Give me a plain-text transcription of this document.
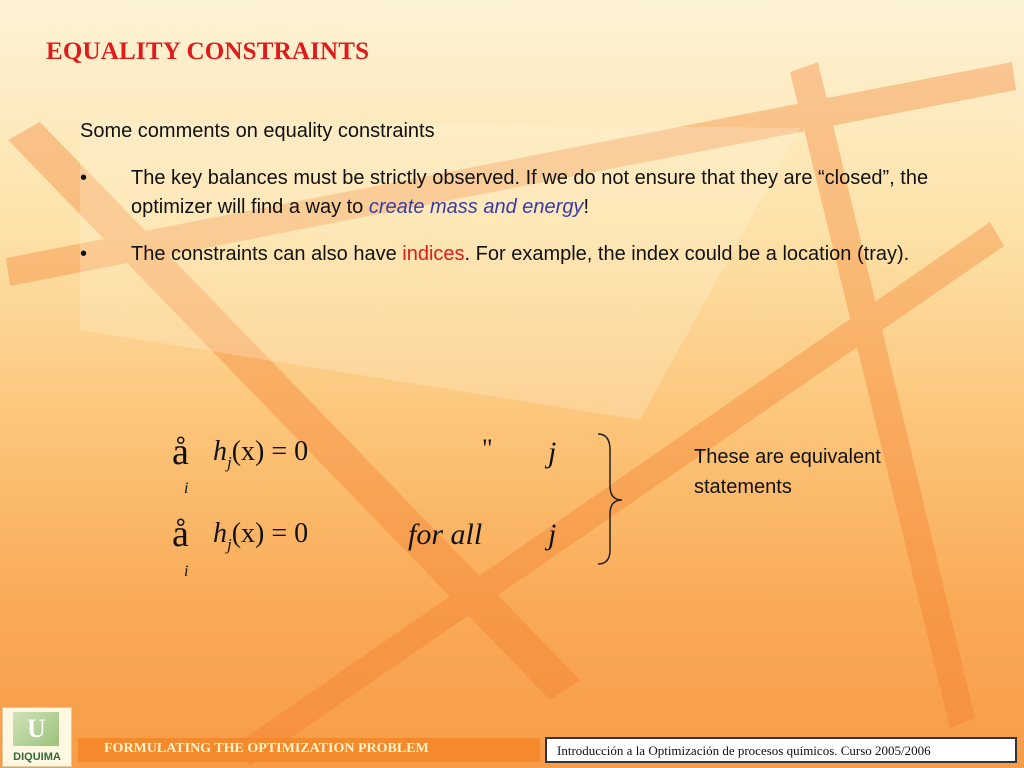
EQUALITY CONSTRAINTS
Some comments on equality constraints
• The key balances must be strictly observed. If we do not ensure that they are “closed”, the optimizer will find a way to create mass and energy!
• The constraints can also have indices. For example, the index could be a location (tray).
å
i
$h_j(x) = 0$	" j
å
i
$h_j(x) = 0$	for all j
These are equivalent statements
U
DIQUIMA
FORMULATING THE OPTIMIZATION PROBLEM	Introducción a la Optimización de procesos químicos. Curso 2005/2006
